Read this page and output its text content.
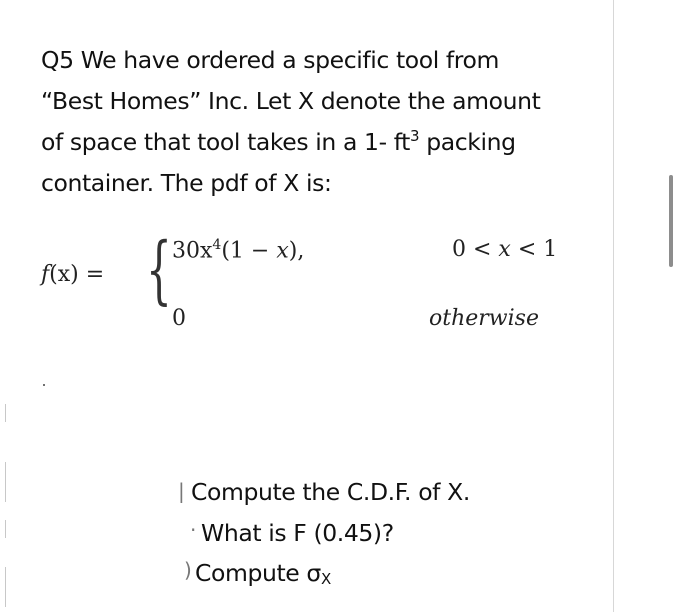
Q5 We have ordered a specific tool from
“Best Homes” Inc. Let X denote the amount
of space that tool takes in a 1- $ft^3$ packing
container. The pdf of X is:
f(x) = { $30x^4(1 - x)$,	0 < x < 1
0	otherwise
| Compute the C.D.F. of X.
· What is F (0.45)?
) Compute $\sigma_X$
